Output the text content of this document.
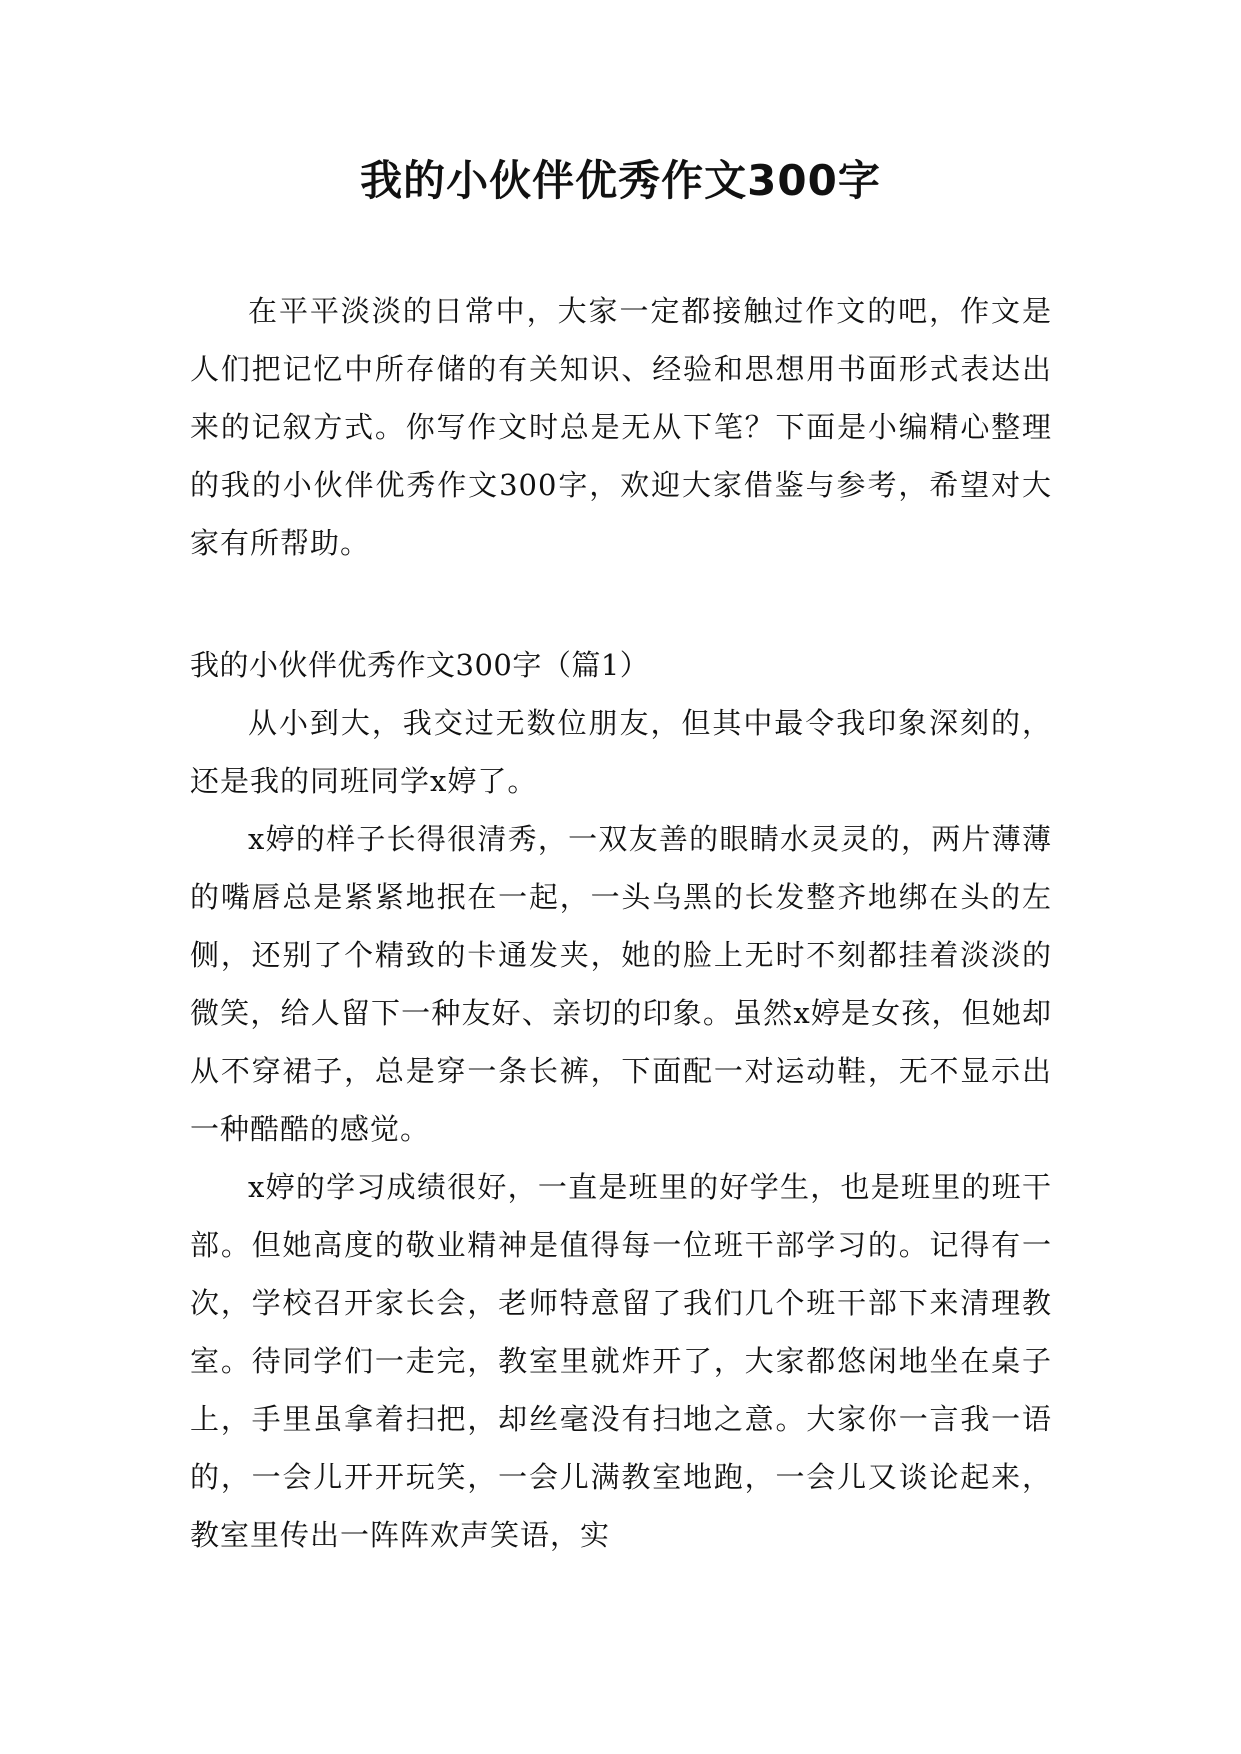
我的小伙伴优秀作文300字

在平平淡淡的日常中，大家一定都接触过作文的吧，作文是人们把记忆中所存储的有关知识、经验和思想用书面形式表达出来的记叙方式。你写作文时总是无从下笔？下面是小编精心整理的我的小伙伴优秀作文300字，欢迎大家借鉴与参考，希望对大家有所帮助。

我的小伙伴优秀作文300字（篇1）

从小到大，我交过无数位朋友，但其中最令我印象深刻的，还是我的同班同学x婷了。

x婷的样子长得很清秀，一双友善的眼睛水灵灵的，两片薄薄的嘴唇总是紧紧地抿在一起，一头乌黑的长发整齐地绑在头的左侧，还别了个精致的卡通发夹，她的脸上无时不刻都挂着淡淡的微笑，给人留下一种友好、亲切的印象。虽然x婷是女孩，但她却从不穿裙子，总是穿一条长裤，下面配一对运动鞋，无不显示出一种酷酷的感觉。

x婷的学习成绩很好，一直是班里的好学生，也是班里的班干部。但她高度的敬业精神是值得每一位班干部学习的。记得有一次，学校召开家长会，老师特意留了我们几个班干部下来清理教室。待同学们一走完，教室里就炸开了，大家都悠闲地坐在桌子上，手里虽拿着扫把，却丝毫没有扫地之意。大家你一言我一语的，一会儿开开玩笑，一会儿满教室地跑，一会儿又谈论起来，教室里传出一阵阵欢声笑语，实
